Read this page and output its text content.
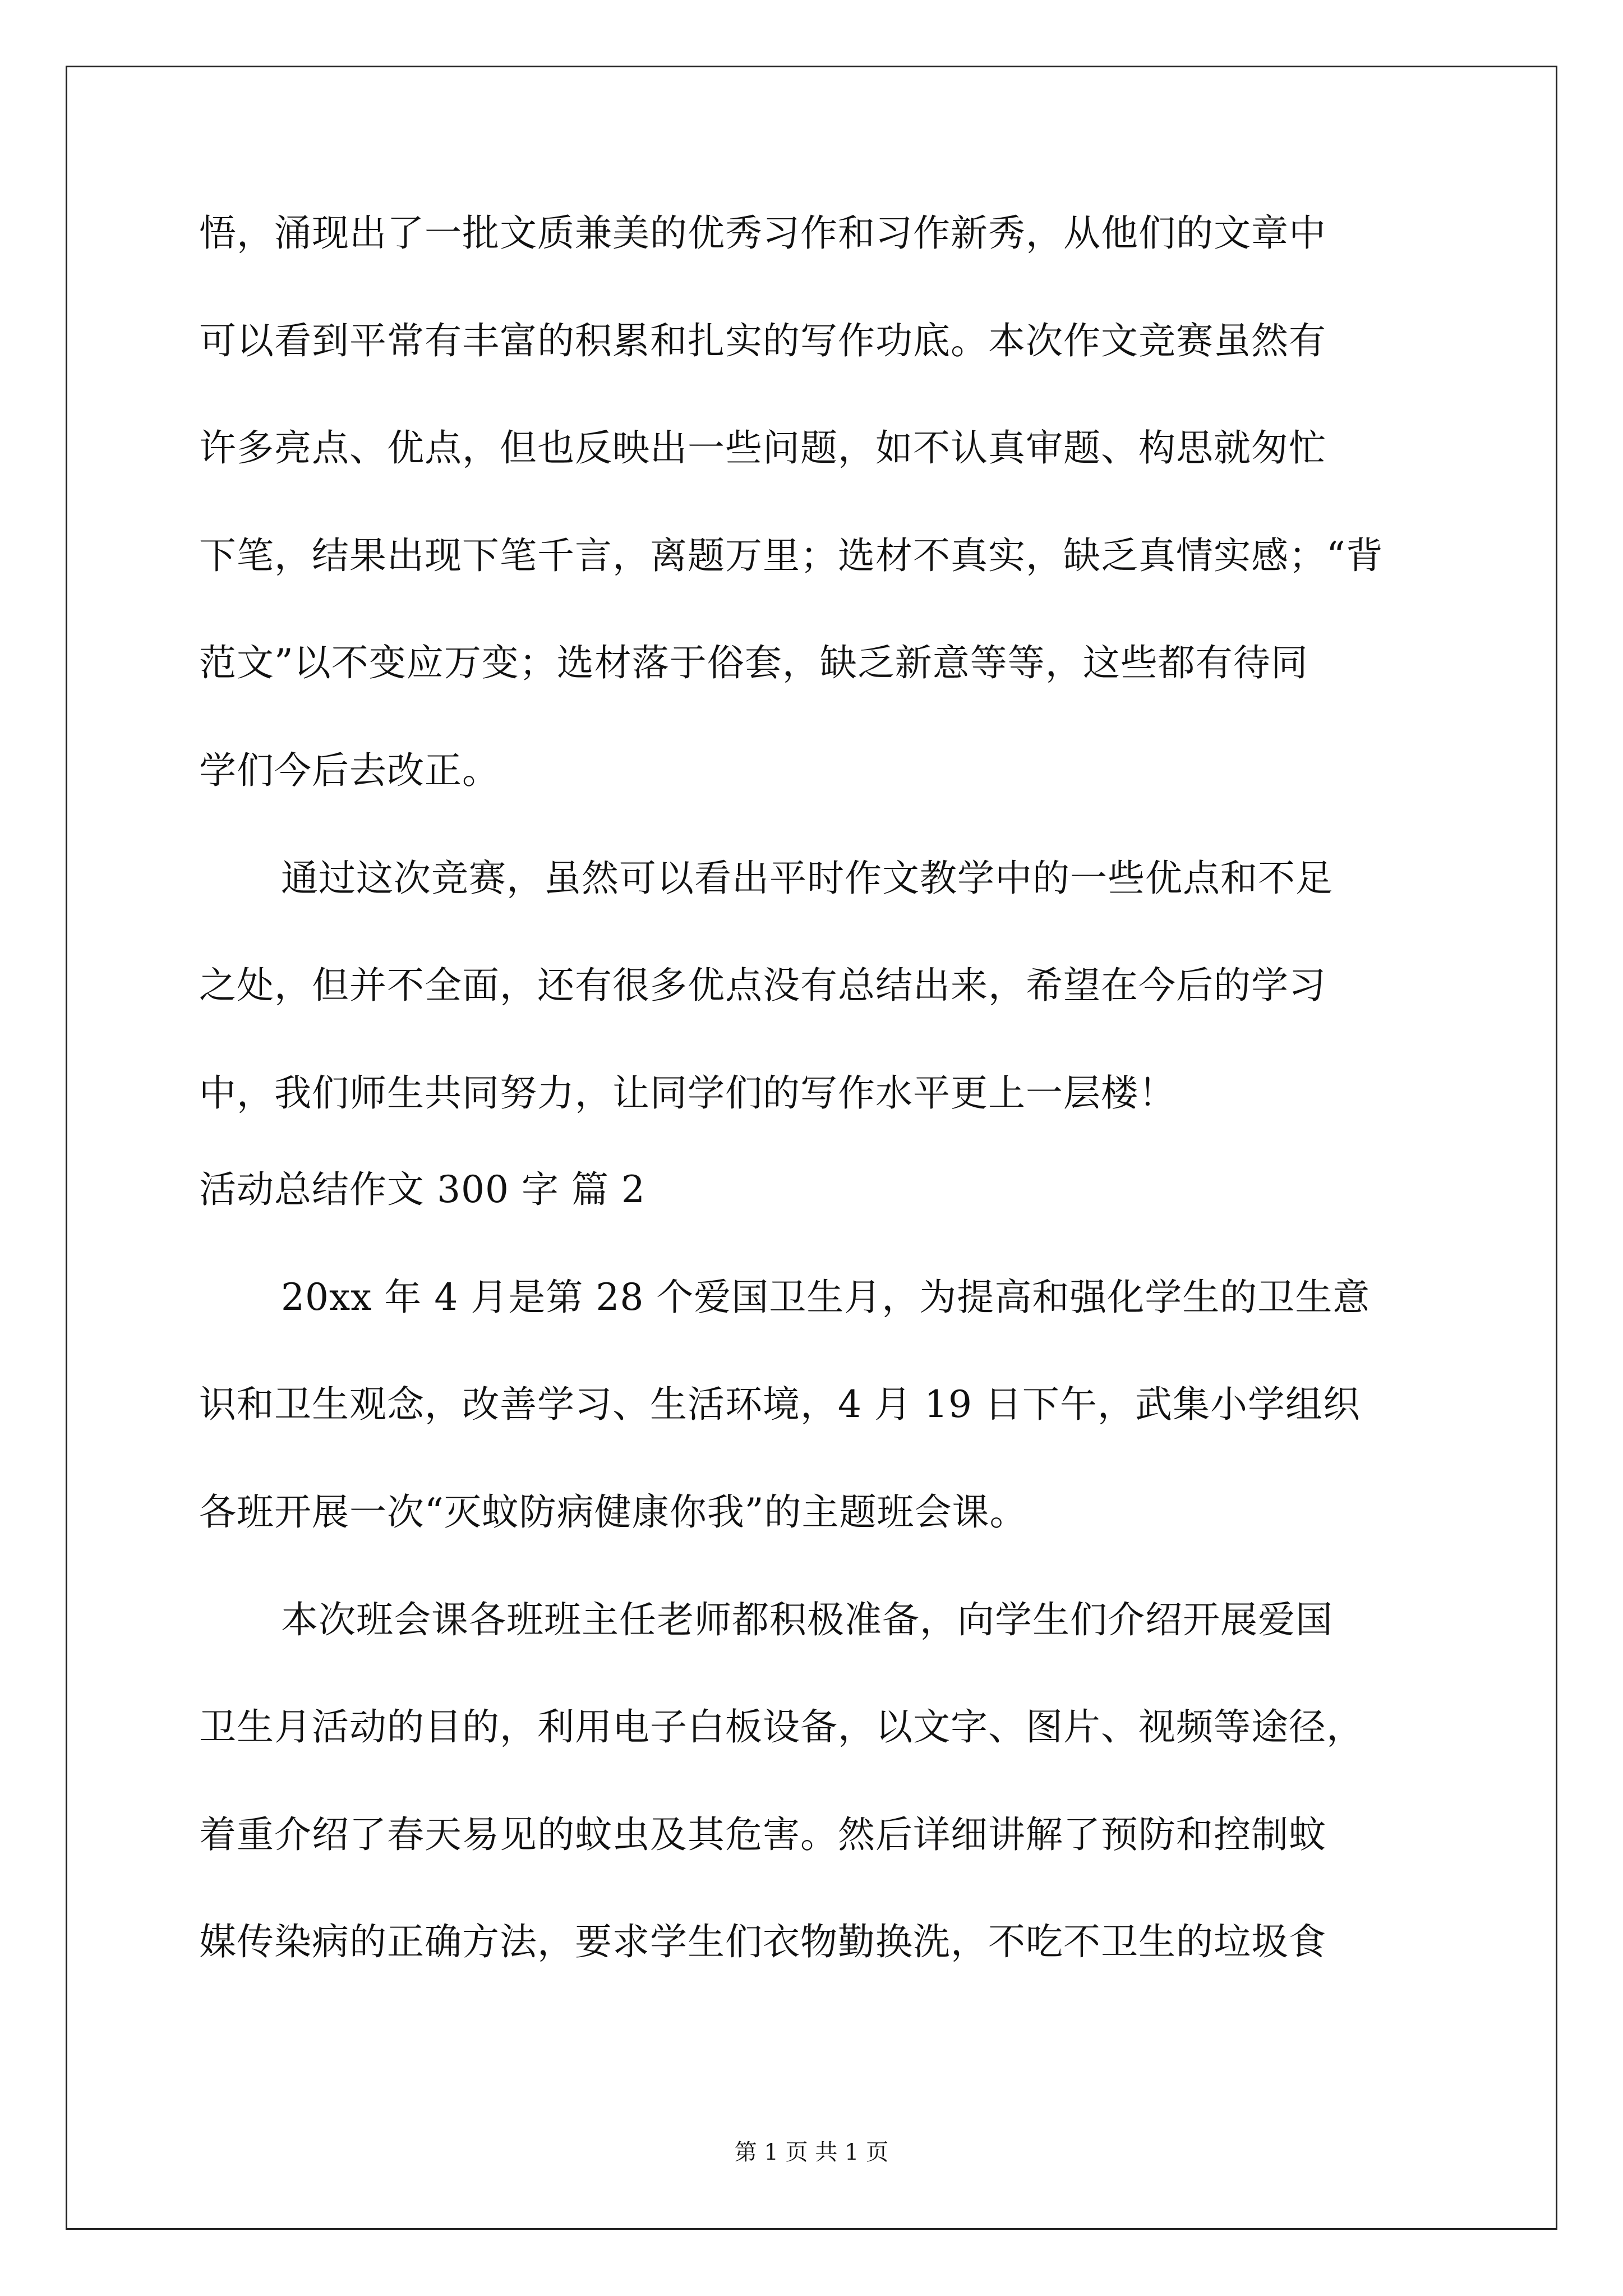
悟，涌现出了一批文质兼美的优秀习作和习作新秀，从他们的文章中

可以看到平常有丰富的积累和扎实的写作功底。本次作文竞赛虽然有

许多亮点、优点，但也反映出一些问题，如不认真审题、构思就匆忙

下笔，结果出现下笔千言，离题万里；选材不真实，缺乏真情实感；“背

范文”以不变应万变；选材落于俗套，缺乏新意等等，这些都有待同

学们今后去改正。

通过这次竞赛，虽然可以看出平时作文教学中的一些优点和不足

之处，但并不全面，还有很多优点没有总结出来，希望在今后的学习

中，我们师生共同努力，让同学们的写作水平更上一层楼！

活动总结作文 300 字 篇 2

20xx 年 4 月是第 28 个爱国卫生月，为提高和强化学生的卫生意

识和卫生观念，改善学习、生活环境，4 月 19 日下午，武集小学组织

各班开展一次“灭蚊防病健康你我”的主题班会课。

本次班会课各班班主任老师都积极准备，向学生们介绍开展爱国

卫生月活动的目的，利用电子白板设备，以文字、图片、视频等途径，

着重介绍了春天易见的蚊虫及其危害。然后详细讲解了预防和控制蚊

媒传染病的正确方法，要求学生们衣物勤换洗，不吃不卫生的垃圾食

第 1 页 共 1 页
